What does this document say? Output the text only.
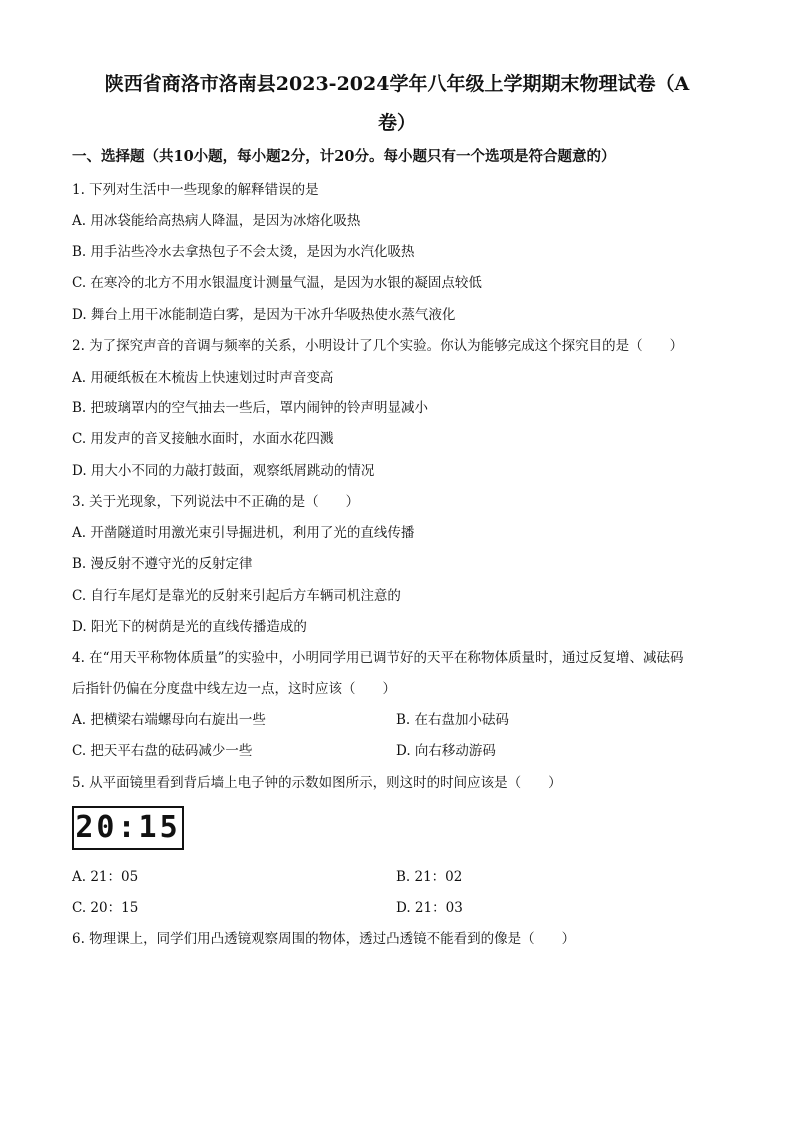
陕西省商洛市洛南县2023-2024学年八年级上学期期末物理试卷（A
卷）
一、选择题（共10小题，每小题2分，计20分。每小题只有一个选项是符合题意的）
1. 下列对生活中一些现象的解释错误的是
A. 用冰袋能给高热病人降温，是因为冰熔化吸热
B. 用手沾些冷水去拿热包子不会太烫，是因为水汽化吸热
C. 在寒冷的北方不用水银温度计测量气温，是因为水银的凝固点较低
D. 舞台上用干冰能制造白雾，是因为干冰升华吸热使水蒸气液化
2. 为了探究声音的音调与频率的关系，小明设计了几个实验。你认为能够完成这个探究目的是（　　）
A. 用硬纸板在木梳齿上快速划过时声音变高
B. 把玻璃罩内的空气抽去一些后，罩内闹钟的铃声明显减小
C. 用发声的音叉接触水面时，水面水花四溅
D. 用大小不同的力敲打鼓面，观察纸屑跳动的情况
3. 关于光现象，下列说法中不正确的是（　　）
A. 开凿隧道时用激光束引导掘进机，利用了光的直线传播
B. 漫反射不遵守光的反射定律
C. 自行车尾灯是靠光的反射来引起后方车辆司机注意的
D. 阳光下的树荫是光的直线传播造成的
4. 在“用天平称物体质量”的实验中，小明同学用已调节好的天平在称物体质量时，通过反复增、减砝码
后指针仍偏在分度盘中线左边一点，这时应该（　　）
A. 把横梁右端螺母向右旋出一些	B. 在右盘加小砝码
C. 把天平右盘的砝码减少一些	D. 向右移动游码
5. 从平面镜里看到背后墙上电子钟的示数如图所示，则这时的时间应该是（　　）
20:15
A. 21：05	B. 21：02
C. 20：15	D. 21：03
6. 物理课上，同学们用凸透镜观察周围的物体，透过凸透镜不能看到的像是（　　）
